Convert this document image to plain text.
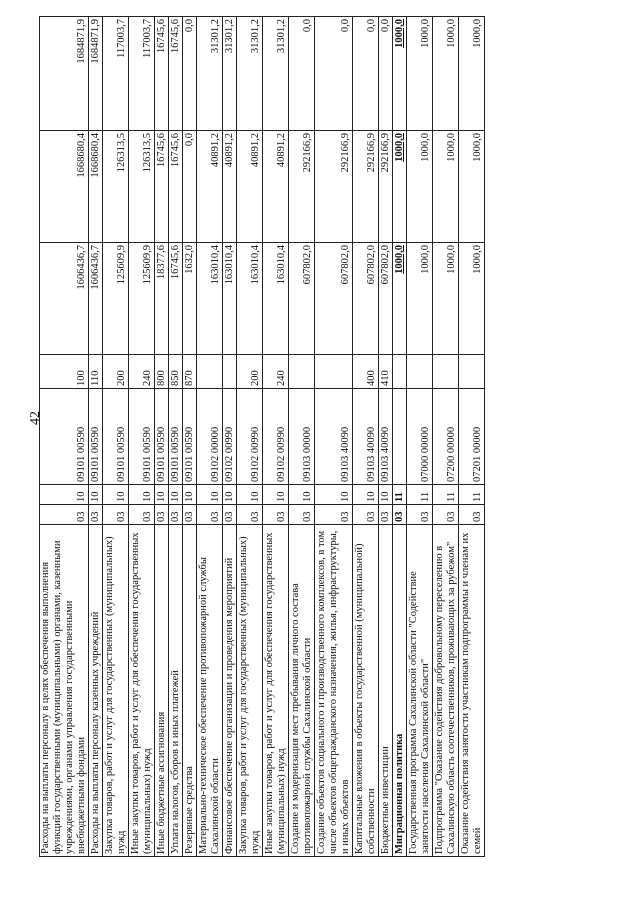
42
Расходы на выплаты персоналу в целях обеспечения выполнения функций государственными (муниципальными) органами, казенными учреждениями, органами управления государственными внебюджетными фондами	03	10	09101 00590	100	1606436,7	1668680,4	1684871,9
Расходы на выплаты персоналу казенных учреждений	03	10	09101 00590	110	1606436,7	1668680,4	1684871,9
Закупка товаров, работ и услуг для государственных (муниципальных) нужд	03	10	09101 00590	200	125609,9	126313,5	117003,7
Иные закупки товаров, работ и услуг для обеспечения государственных (муниципальных) нужд	03	10	09101 00590	240	125609,9	126313,5	117003,7
Иные бюджетные ассигнования	03	10	09101 00590	800	18377,6	16745,6	16745,6
Уплата налогов, сборов и иных платежей	03	10	09101 00590	850	16745,6	16745,6	16745,6
Резервные средства	03	10	09101 00590	870	1632,0	0,0	0,0
Материально-техническое обеспечение противопожарной службы Сахалинской области	03	10	09102 00000		163010,4	40891,2	31301,2
Финансовое обеспечение организации и проведения мероприятий	03	10	09102 00990		163010,4	40891,2	31301,2
Закупка товаров, работ и услуг для государственных (муниципальных) нужд	03	10	09102 00990	200	163010,4	40891,2	31301,2
Иные закупки товаров, работ и услуг для обеспечения государственных (муниципальных) нужд	03	10	09102 00990	240	163010,4	40891,2	31301,2
Создание и модернизация мест пребывания личного состава противопожарной службы Сахалинской области	03	10	09103 00000		607802,0	292166,9	0,0
Создание объектов социального и производственного комплексов, в том числе объектов общегражданского назначения, жилья, инфраструктуры, и иных объектов	03	10	09103 40090		607802,0	292166,9	0,0
Капитальные вложения в объекты государственной (муниципальной) собственности	03	10	09103 40090	400	607802,0	292166,9	0,0
Бюджетные инвестиции	03	10	09103 40090	410	607802,0	292166,9	0,0
Миграционная политика	03	11			1000,0	1000,0	1000,0
Государственная программа Сахалинской области "Содействие занятости населения Сахалинской области"	03	11	07000 00000		1000,0	1000,0	1000,0
Подпрограмма "Оказание содействия добровольному переселению в Сахалинскую область соотечественников, проживающих за рубежом"	03	11	07200 00000		1000,0	1000,0	1000,0
Оказание содействия занятости участникам подпрограммы и членам их семей	03	11	07201 00000		1000,0	1000,0	1000,0
